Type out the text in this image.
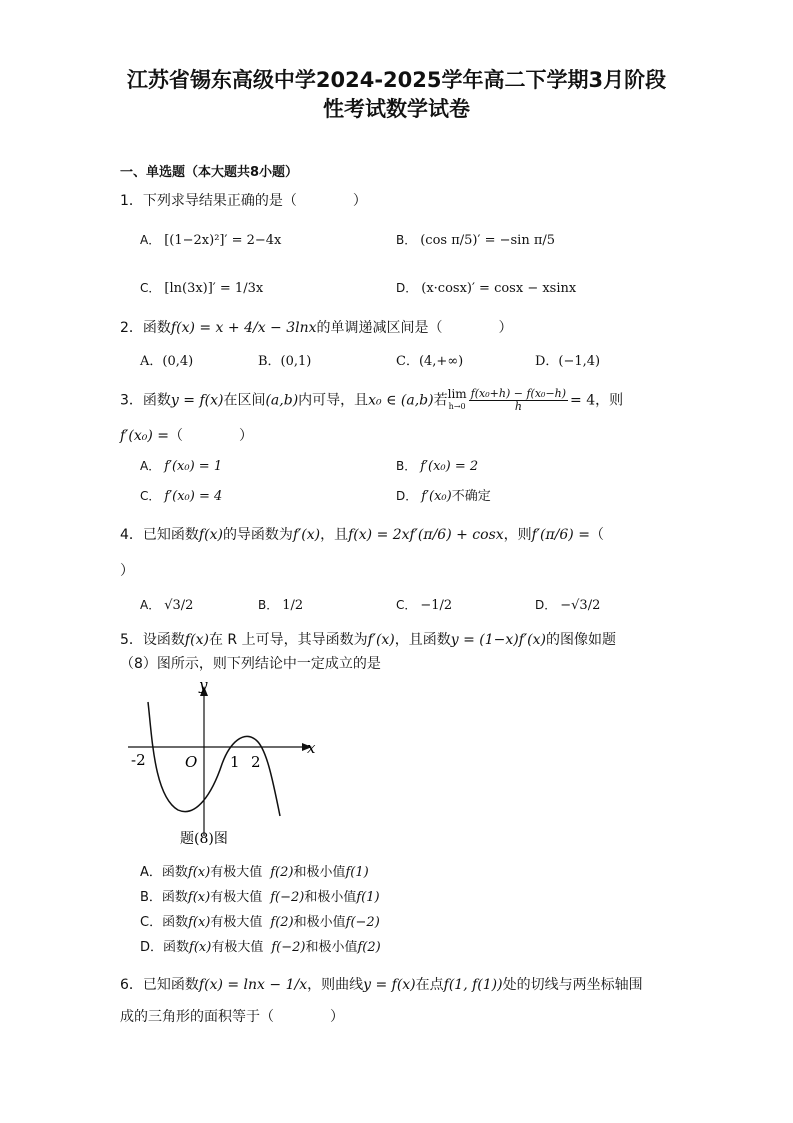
江苏省锡东高级中学2024-2025学年高二下学期3月阶段
性考试数学试卷
一、单选题（本大题共8小题）
1．下列求导结果正确的是（　　　　）
A． [(1−2x)²]′ = 2−4x	B． (cos π/5)′ = −sin π/5
C． [ln(3x)]′ = 1/3x	D． (x·cosx)′ = cosx − xsinx
2．函数f(x) = x + 4/x − 3lnx的单调递减区间是（　　　　）
A．(0,4)	B．(0,1)	C．(4,+∞)	D．(−1,4)
3．函数y = f(x)在区间(a,b)内可导，且x₀ ∈ (a,b)若lim
$h\to 0 \frac{\text{f(x₀+h) − f(x₀−h)}}{h} = 4$，则
f′(x₀) =（　　　　）
A． f′(x₀) = 1	B． f′(x₀) = 2
C． f′(x₀) = 4	D． f′(x₀)不确定
4．已知函数f(x)的导函数为f′(x)，且f(x) = 2xf′(π/6) + cosx，则f′(π/6) =（
）
A． √3/2	B． 1/2	C． −1/2	D． −√3/2
5．设函数f(x)在 R 上可导，其导函数为f′(x)，且函数y = (1−x)f′(x)的图像如题
（8）图所示，则下列结论中一定成立的是
y
x
O
-2	1 2
题(8)图
A．函数f(x)有极大值 f(2)和极小值f(1)
B．函数f(x)有极大值 f(−2)和极小值f(1)
C．函数f(x)有极大值 f(2)和极小值f(−2)
D．函数f(x)有极大值 f(−2)和极小值f(2)
6．已知函数f(x) = lnx − 1/x，则曲线y = f(x)在点f(1, f(1))处的切线与两坐标轴围
成的三角形的面积等于（　　　　）
